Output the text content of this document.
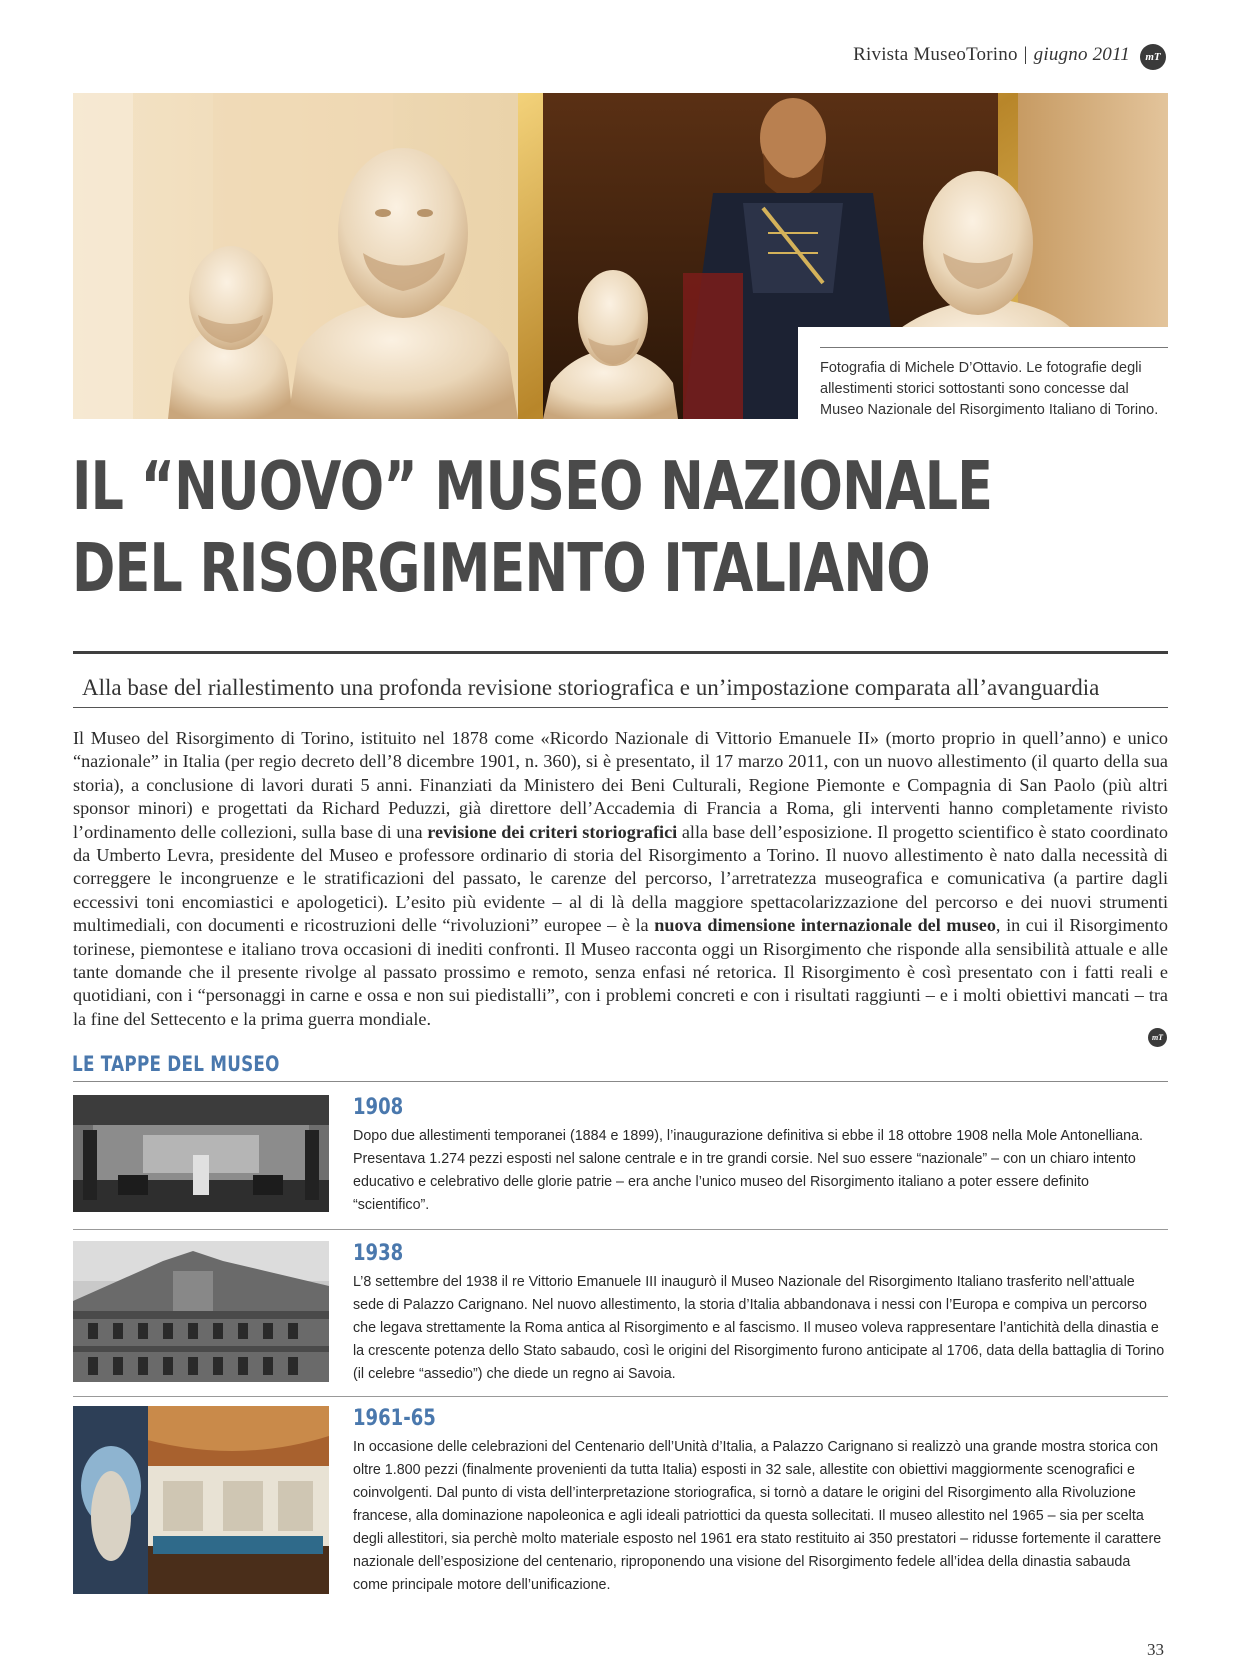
Rivista MuseoTorino | giugno 2011	mT
Fotografia di Michele D’Ottavio. Le fotografie degli allestimenti storici sottostanti sono concesse dal Museo Nazionale del Risorgimento Italiano di Torino.
IL “NUOVO” MUSEO NAZIONALE
DEL RISORGIMENTO ITALIANO
Alla base del riallestimento una profonda revisione storiografica e un’impostazione comparata all’avanguardia

Il Museo del Risorgimento di Torino, istituito nel 1878 come «Ricordo Nazionale di Vittorio Emanuele II» (morto proprio in quell’anno) e unico “nazionale” in Italia (per regio decreto dell’8 dicembre 1901, n. 360), si è presentato, il 17 marzo 2011, con un nuovo allestimento (il quarto della sua storia), a conclusione di lavori durati 5 anni. Finanziati da Ministero dei Beni Culturali, Regione Piemonte e Compagnia di San Paolo (più altri sponsor minori) e progettati da Richard Peduzzi, già direttore dell’Accademia di Francia a Roma, gli interventi hanno completamente rivisto l’ordinamento delle collezioni, sulla base di una revisione dei criteri storiografici alla base dell’esposizione. Il progetto scientifico è stato coordinato da Umberto Levra, presidente del Museo e professore ordinario di storia del Risorgimento a Torino. Il nuovo allestimento è nato dalla necessità di correggere le incongruenze e le stratificazioni del passato, le carenze del percorso, l’arretratezza museografica e comunicativa (a partire dagli eccessivi toni encomiastici e apologetici). L’esito più evidente – al di là della maggiore spettacolarizzazione del percorso e dei nuovi strumenti multimediali, con documenti e ricostruzioni delle “rivoluzioni” europee – è la nuova dimensione internazionale del museo, in cui il Risorgimento torinese, piemontese e italiano trova occasioni di inediti confronti. Il Museo racconta oggi un Risorgimento che risponde alla sensibilità attuale e alle tante domande che il presente rivolge al passato prossimo e remoto, senza enfasi né retorica. Il Risorgimento è così presentato con i fatti reali e quotidiani, con i “personaggi in carne e ossa e non sui piedistalli”, con i problemi concreti e con i risultati raggiunti – e i molti obiettivi mancati – tra la fine del Settecento e la prima guerra mondiale.

mT
LE TAPPE DEL MUSEO
1908

Dopo due allestimenti temporanei (1884 e 1899), l’inaugurazione definitiva si ebbe il 18 ottobre 1908 nella Mole Antonelliana. Presentava 1.274 pezzi esposti nel salone centrale e in tre grandi corsie. Nel suo essere “nazionale” – con un chiaro intento educativo e celebrativo delle glorie patrie – era anche l’unico museo del Risorgimento italiano a poter essere definito “scientifico”.

1938

L’8 settembre del 1938 il re Vittorio Emanuele III inaugurò il Museo Nazionale del Risorgimento Italiano trasferito nell’attuale sede di Palazzo Carignano. Nel nuovo allestimento, la storia d’Italia abbandonava i nessi con l’Europa e compiva un percorso che legava strettamente la Roma antica al Risorgimento e al fascismo. Il museo voleva rappresentare l’antichità della dinastia e la crescente potenza dello Stato sabaudo, così le origini del Risorgimento furono anticipate al 1706, data della battaglia di Torino (il celebre “assedio”) che diede un regno ai Savoia.

1961-65

In occasione delle celebrazioni del Centenario dell’Unità d’Italia, a Palazzo Carignano si realizzò una grande mostra storica con oltre 1.800 pezzi (finalmente provenienti da tutta Italia) esposti in 32 sale, allestite con obiettivi maggiormente scenografici e coinvolgenti. Dal punto di vista dell’interpretazione storiografica, si tornò a datare le origini del Risorgimento alla Rivoluzione francese, alla dominazione napoleonica e agli ideali patriottici da questa sollecitati. Il museo allestito nel 1965 – sia per scelta degli allestitori, sia perchè molto materiale esposto nel 1961 era stato restituito ai 350 prestatori – ridusse fortemente il carattere nazionale dell’esposizione del centenario, riproponendo una visione del Risorgimento fedele all’idea della dinastia sabauda come principale motore dell’unificazione.

33
